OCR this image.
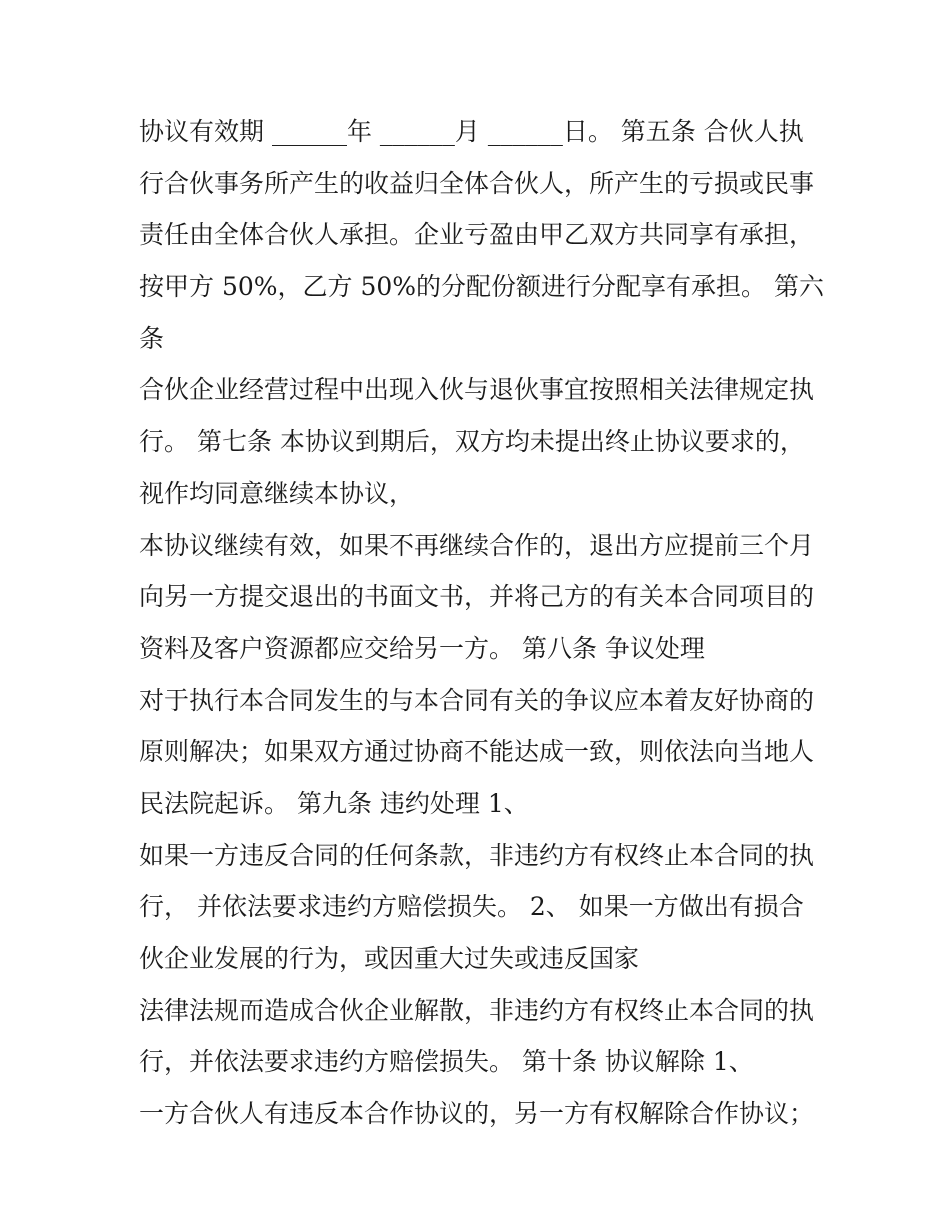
协议有效期 ______年 ______月 ______日。 第五条 合伙人执
行合伙事务所产生的收益归全体合伙人，所产生的亏损或民事
责任由全体合伙人承担。企业亏盈由甲乙双方共同享有承担，
按甲方 50%，乙方 50%的分配份额进行分配享有承担。 第六
条
合伙企业经营过程中出现入伙与退伙事宜按照相关法律规定执
行。 第七条 本协议到期后，双方均未提出终止协议要求的，
视作均同意继续本协议，
本协议继续有效，如果不再继续合作的，退出方应提前三个月
向另一方提交退出的书面文书，并将己方的有关本合同项目的
资料及客户资源都应交给另一方。 第八条 争议处理
对于执行本合同发生的与本合同有关的争议应本着友好协商的
原则解决；如果双方通过协商不能达成一致，则依法向当地人
民法院起诉。 第九条 违约处理 1、
如果一方违反合同的任何条款，非违约方有权终止本合同的执
行， 并依法要求违约方赔偿损失。 2、 如果一方做出有损合
伙企业发展的行为，或因重大过失或违反国家
法律法规而造成合伙企业解散，非违约方有权终止本合同的执
行，并依法要求违约方赔偿损失。 第十条 协议解除 1、
一方合伙人有违反本合作协议的，另一方有权解除合作协议；
